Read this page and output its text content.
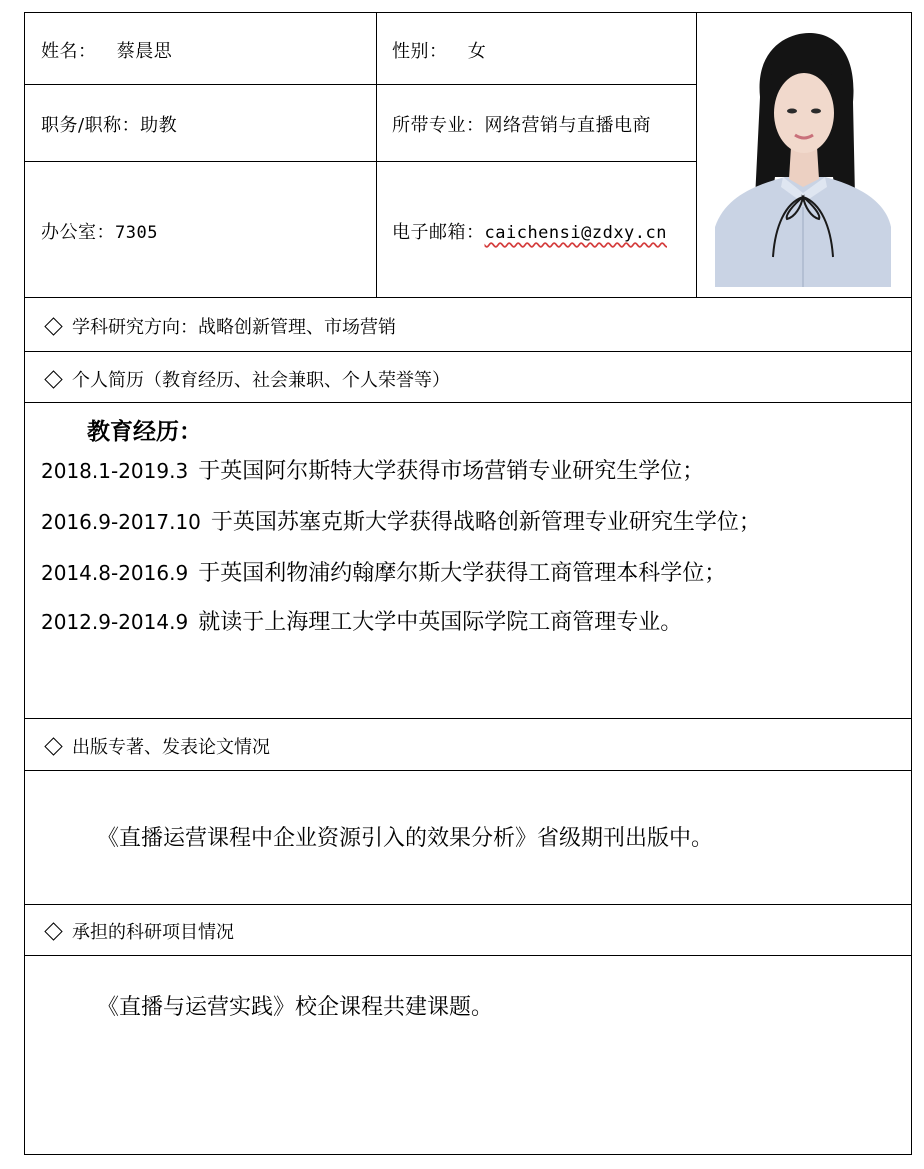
姓名： 蔡晨思	性别： 女
职务/职称：助教	所带专业：网络营销与直播电商
办公室：7305	电子邮箱：caichensi@zdxy.cn
学科研究方向：战略创新管理、市场营销
个人简历（教育经历、社会兼职、个人荣誉等）
教育经历：
2018.1-2019.3 于英国阿尔斯特大学获得市场营销专业研究生学位；
2016.9-2017.10 于英国苏塞克斯大学获得战略创新管理专业研究生学位；
2014.8-2016.9 于英国利物浦约翰摩尔斯大学获得工商管理本科学位；
2012.9-2014.9 就读于上海理工大学中英国际学院工商管理专业。
出版专著、发表论文情况
《直播运营课程中企业资源引入的效果分析》省级期刊出版中。
承担的科研项目情况
《直播与运营实践》校企课程共建课题。
